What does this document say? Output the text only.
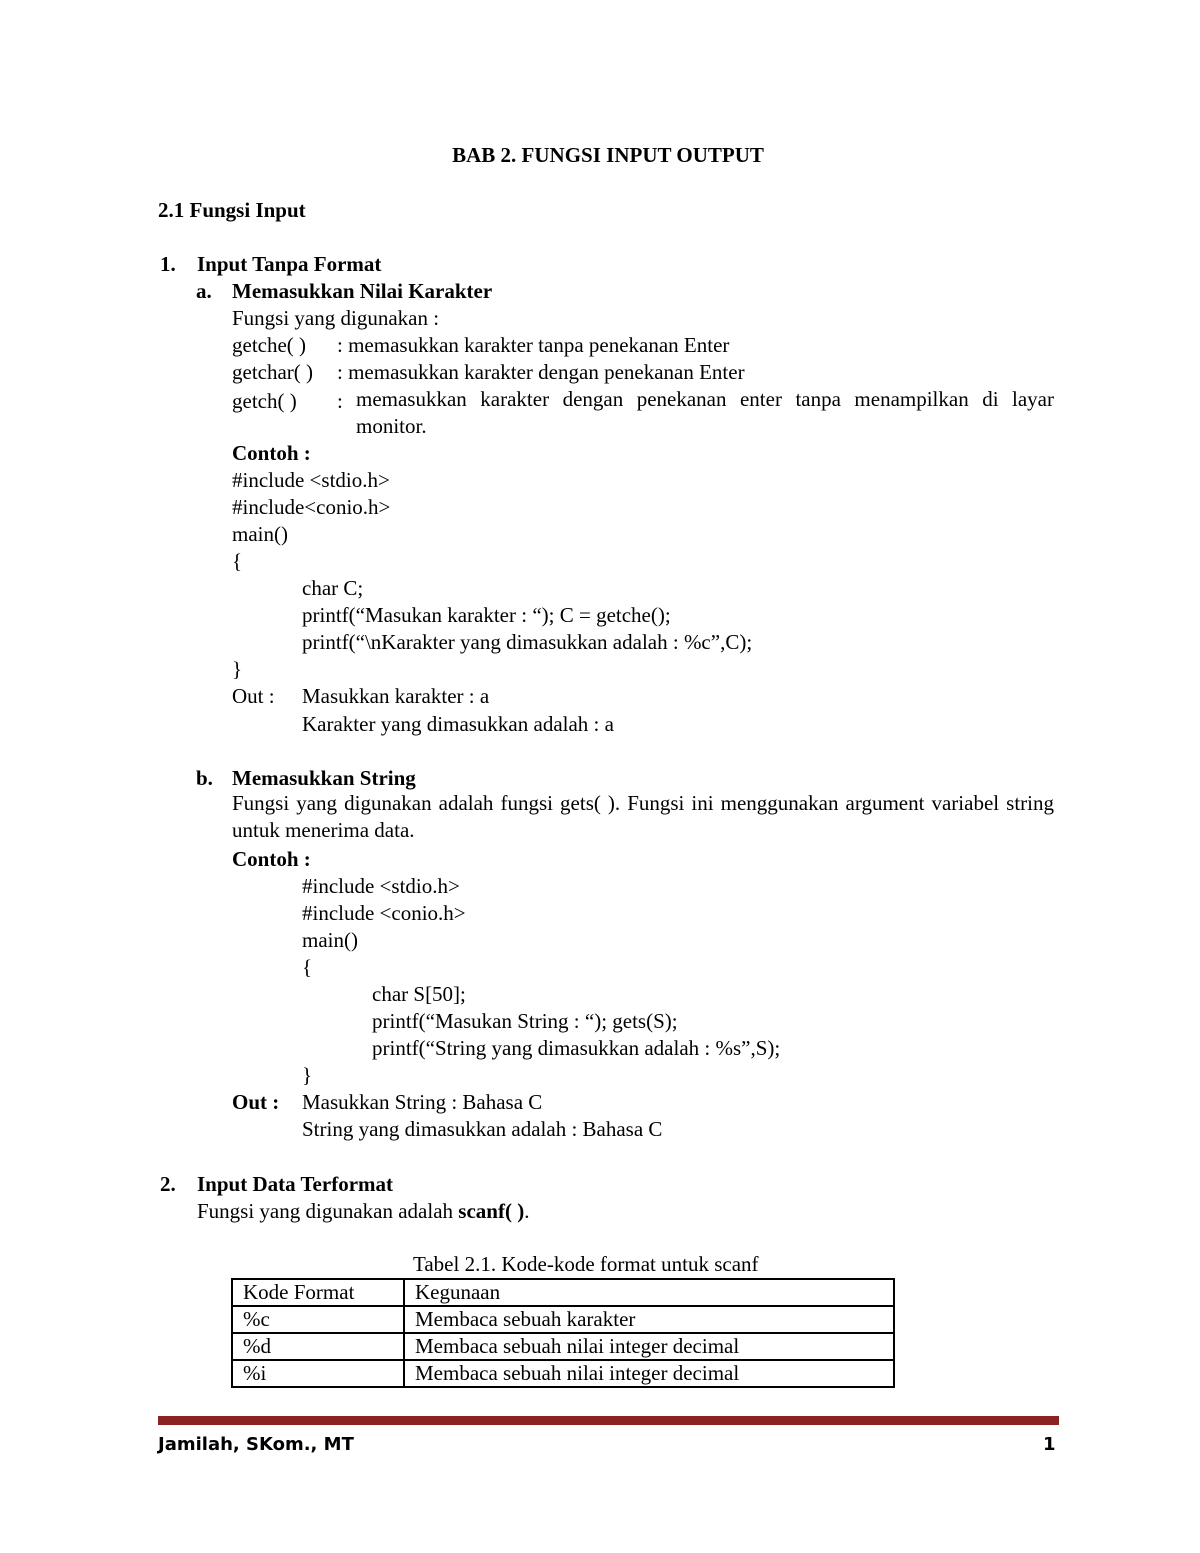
BAB 2. FUNGSI INPUT OUTPUT
2.1 Fungsi Input
1. Input Tanpa Format
a. Memasukkan Nilai Karakter
Fungsi yang digunakan :
getche( ) : memasukkan karakter tanpa penekanan Enter
getchar( ) : memasukkan karakter dengan penekanan Enter
getch( ) : memasukkan karakter dengan penekanan enter tanpa menampilkan di layar monitor.
Contoh :
#include <stdio.h>
#include<conio.h>
main()
{
char C;
printf(“Masukan karakter : “); C = getche();
printf(“\nKarakter yang dimasukkan adalah : %c”,C);
}
Out : Masukkan karakter : a
Karakter yang dimasukkan adalah : a
b. Memasukkan String
Fungsi yang digunakan adalah fungsi gets( ). Fungsi ini menggunakan argument variabel string untuk menerima data.
Contoh :
#include <stdio.h>
#include <conio.h>
main()
{
char S[50];
printf(“Masukan String : “); gets(S);
printf(“String yang dimasukkan adalah : %s”,S);
}
Out : Masukkan String : Bahasa C
String yang dimasukkan adalah : Bahasa C
2. Input Data Terformat
Fungsi yang digunakan adalah scanf( ).
Tabel 2.1. Kode-kode format untuk scanf
Kode Format	Kegunaan
%c	Membaca sebuah karakter
%d	Membaca sebuah nilai integer decimal
%i	Membaca sebuah nilai integer decimal
Jamilah, SKom., MT	1
